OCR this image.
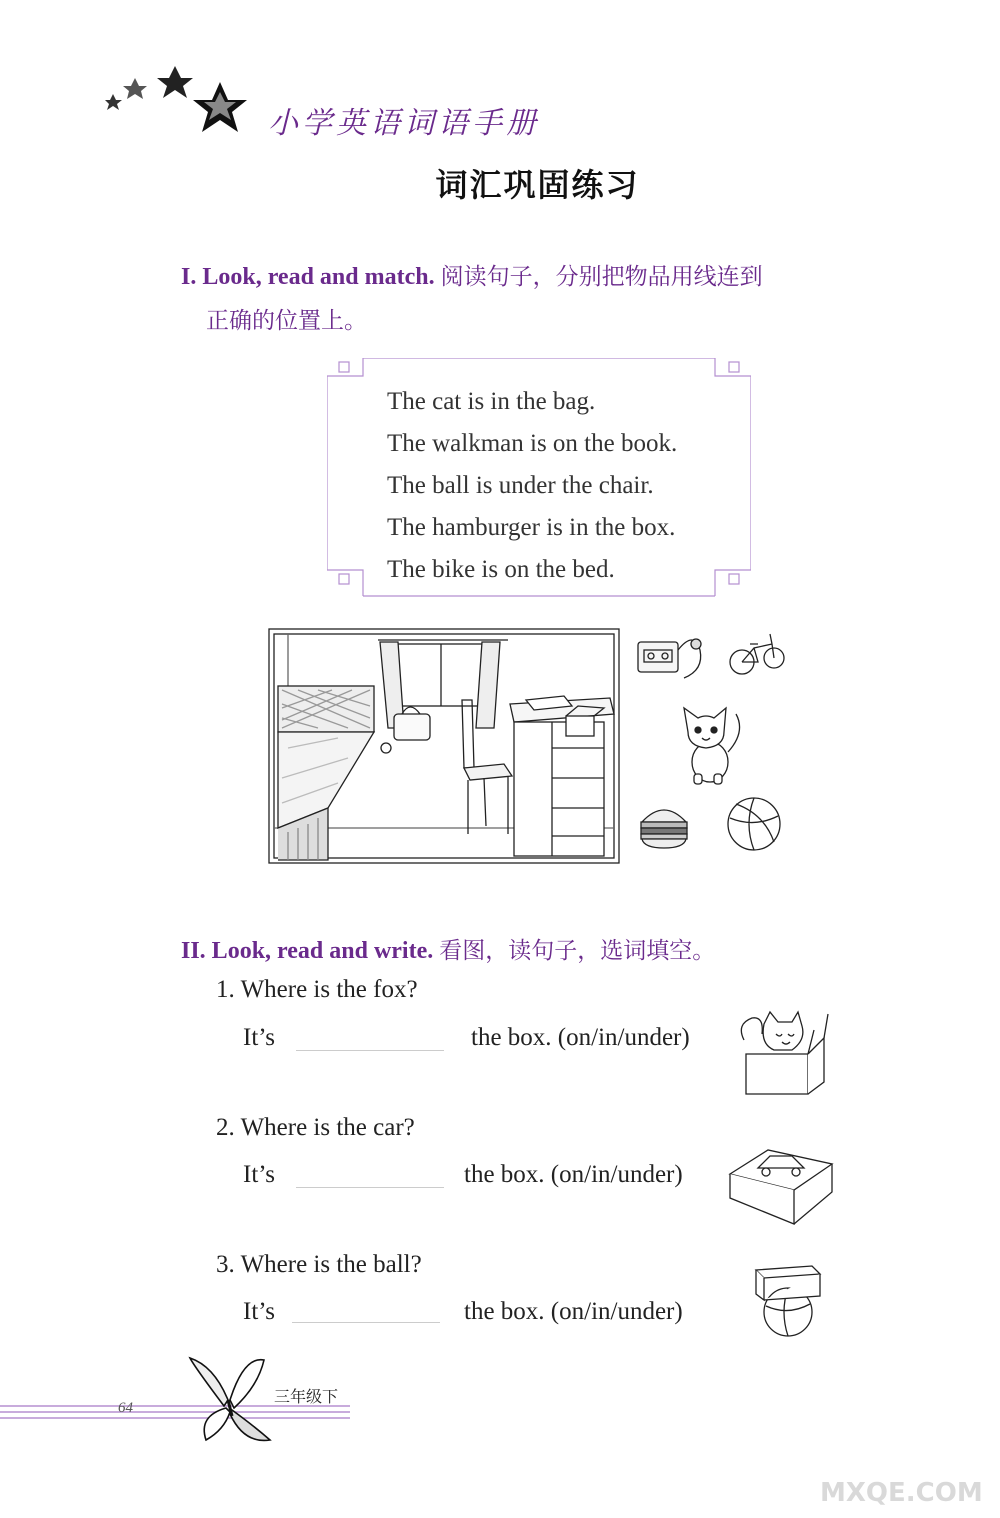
小学英语词语手册
词汇巩固练习
I. Look, read and match. 阅读句子，分别把物品用线连到
正确的位置上。
The cat is in the bag.
The walkman is on the book.
The ball is under the chair.
The hamburger is in the box.
The bike is on the bed.
II. Look, read and write. 看图，读句子，选词填空。
1. Where is the fox?
It’s	the box. (on/in/under)
2. Where is the car?
It’s	the box. (on/in/under)
3. Where is the ball?
It’s	the box. (on/in/under)
64
三年级下
MXQE.COM
